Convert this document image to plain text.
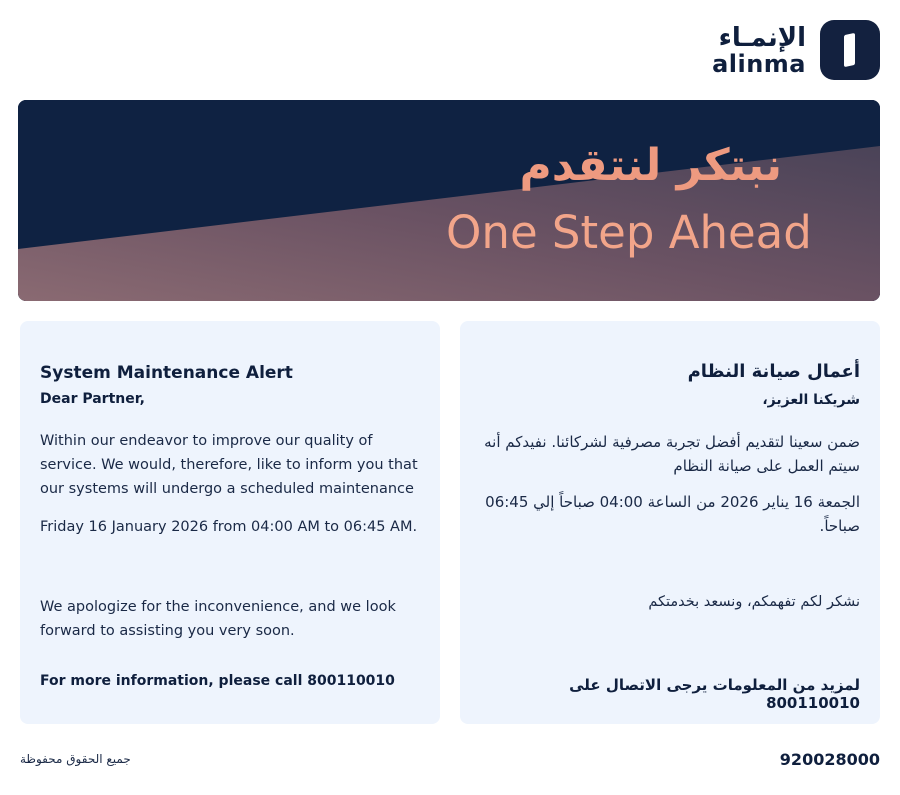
الإنمـاء
alinma
نبتكر لنتقدم
One Step Ahead
System Maintenance Alert
Dear Partner,
Within our endeavor to improve our quality of service. We would, therefore, like to inform you that our systems will undergo a scheduled maintenance
Friday 16 January 2026 from 04:00 AM to 06:45 AM.
We apologize for the inconvenience, and we look forward to assisting you very soon.
For more information, please call 800110010
أعمال صيانة النظام
شريكنا العزيز،
ضمن سعينا لتقديم أفضل تجربة مصرفية لشركائنا. نفيدكم أنه سيتم العمل على صيانة النظام
الجمعة 16 يناير 2026 من الساعة 04:00 صباحاً إلي 06:45 صباحاً.
نشكر لكم تفهمكم، ونسعد بخدمتكم
لمزيد من المعلومات يرجى الاتصال على 800110010
جميع الحقوق محفوظة	920028000
